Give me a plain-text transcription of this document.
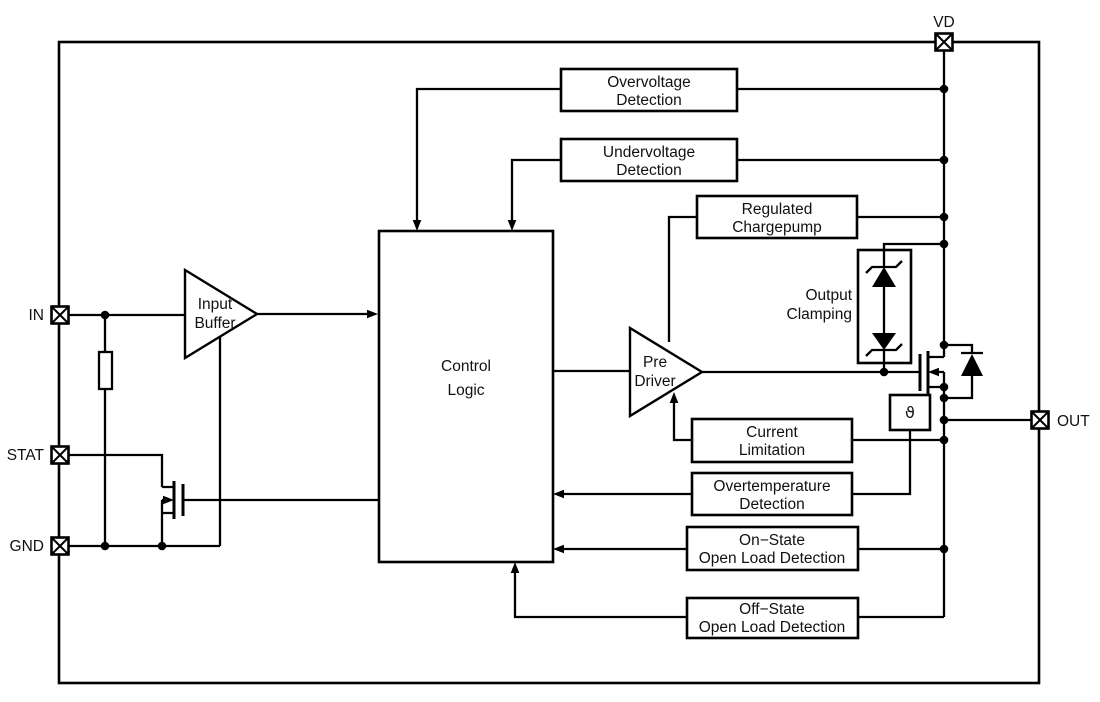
IN
STAT
GND
VD
OUT
Overvoltage
Detection
Undervoltage
Detection
Regulated
Chargepump
Control
Logic
Output
Clamping
Input
Buffer
Pre
Driver
Current
Limitation
Overtemperature
Detection
On−State
Open Load Detection
Off−State
Open Load Detection
ϑ
